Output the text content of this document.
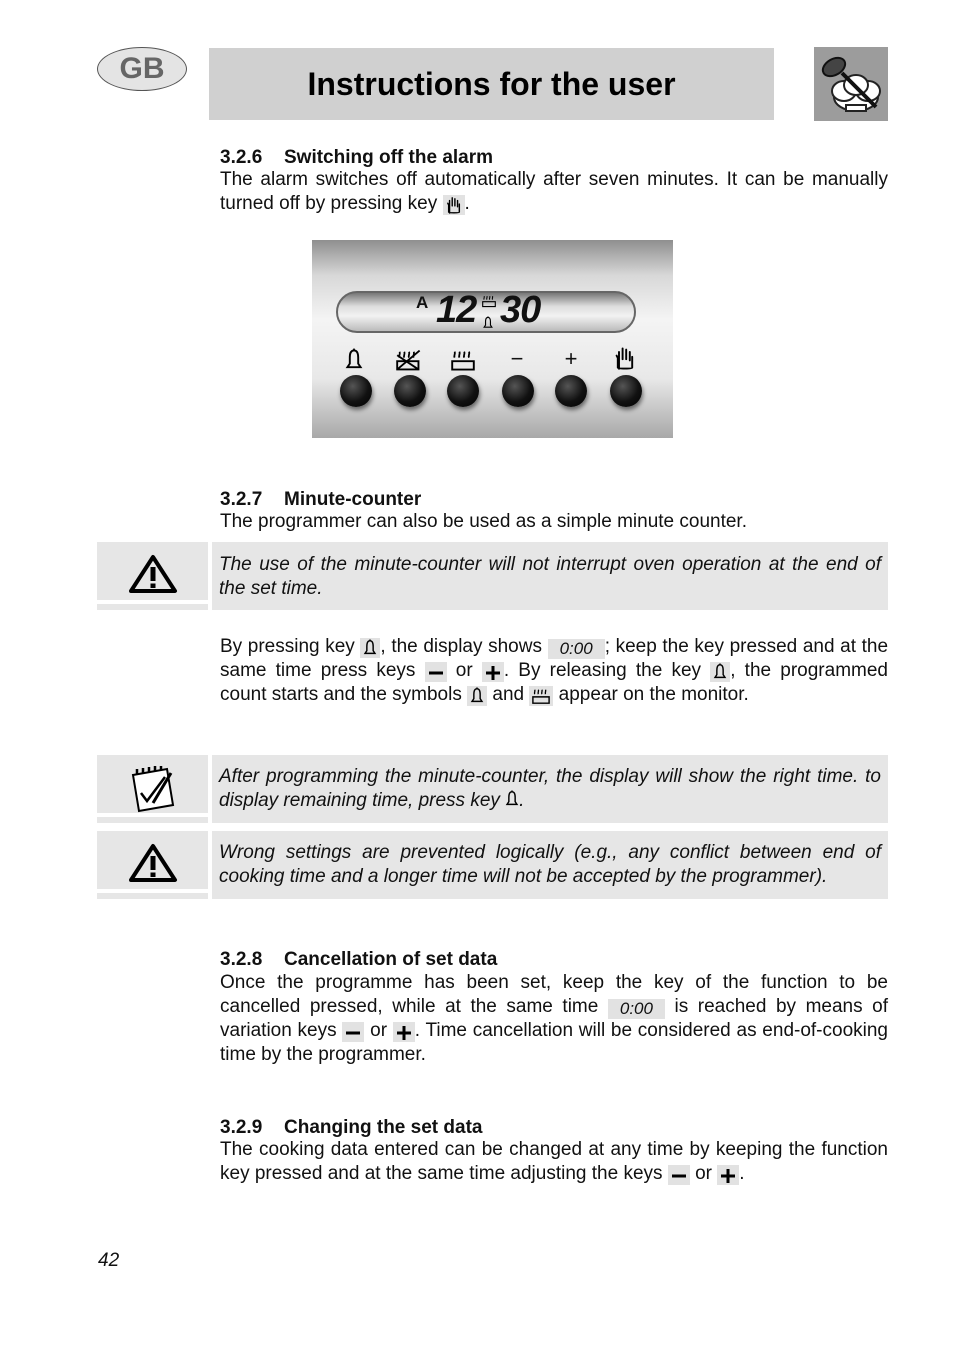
GB	Instructions for the user
3.2.6 Switching off the alarm
The alarm switches off automatically after seven minutes. It can be manually turned off by pressing key .
A 12 30
−	+
3.2.7 Minute-counter
The programmer can also be used as a simple minute counter.

The use of the minute-counter will not interrupt oven operation at the end of the set time.

By pressing key , the display shows 0:00 ; keep the key pressed and at the same time press keys or . By releasing the key , the programmed count starts and the symbols and appear on the monitor.

After programming the minute-counter, the display will show the right time. to display remaining time, press key .

Wrong settings are prevented logically (e.g., any conflict between end of cooking time and a longer time will not be accepted by the programmer).

3.2.8 Cancellation of set data
Once the programme has been set, keep the key of the function to be cancelled pressed, while at the same time 0:00 is reached by means of variation keys or . Time cancellation will be considered as end-of-cooking time by the programmer.
3.2.9 Changing the set data
The cooking data entered can be changed at any time by keeping the function key pressed and at the same time adjusting the keys or .
42
